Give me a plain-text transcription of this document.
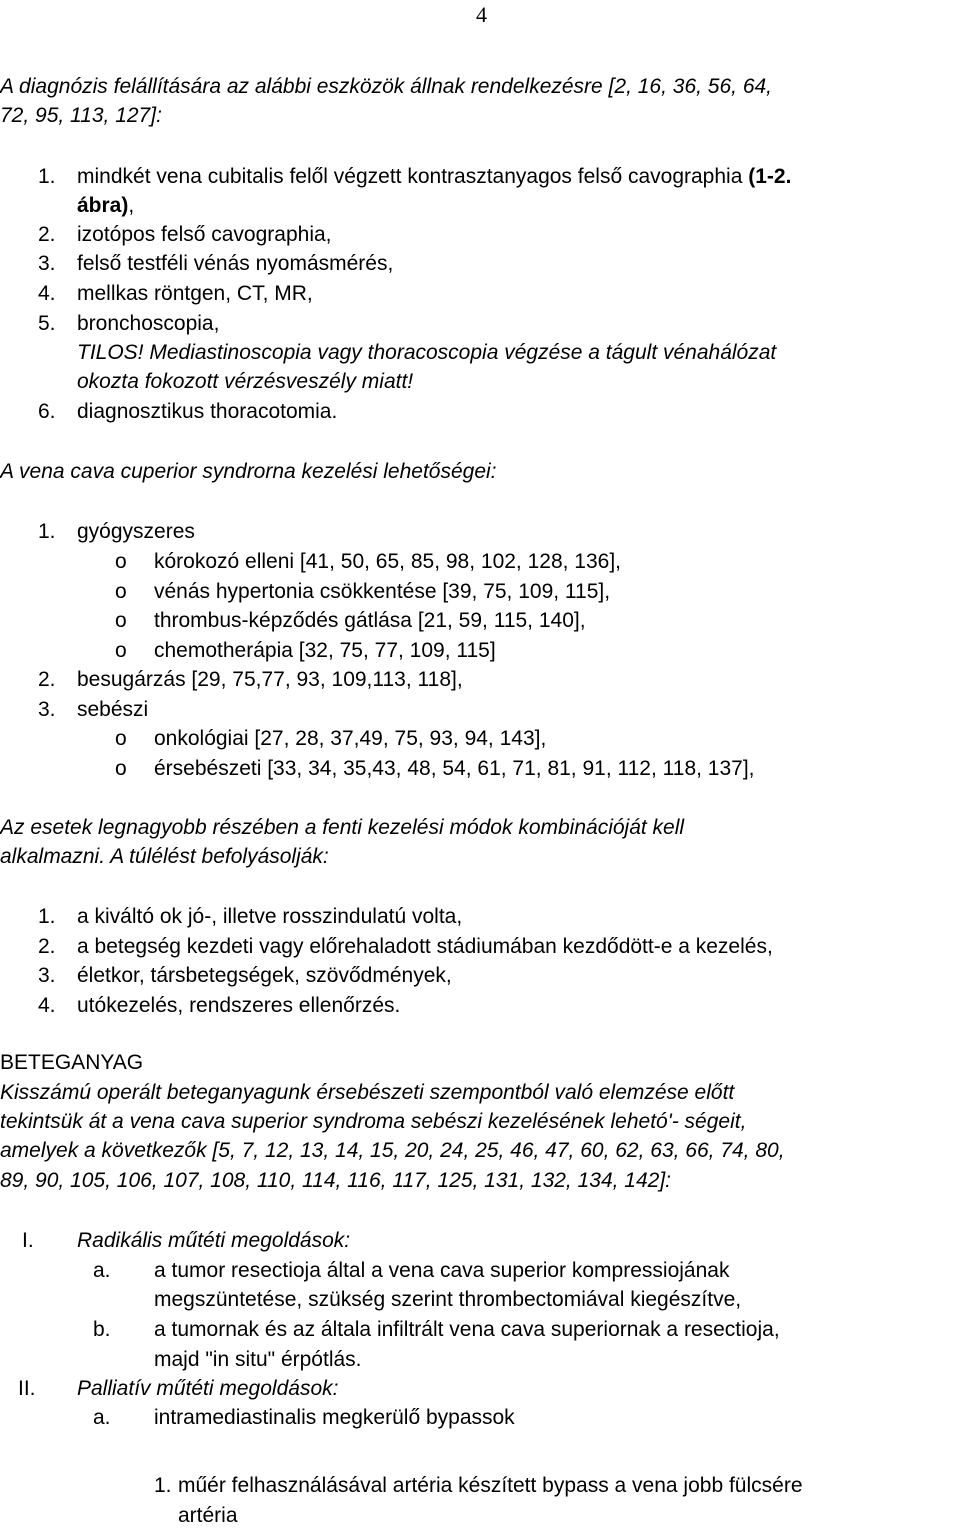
4
A diagnózis felállítására az alábbi eszközök állnak rendelkezésre [2, 16, 36, 56, 64,
72, 95, 113, 127]:
1. mindkét vena cubitalis felől végzett kontrasztanyagos felső cavographia (1-2.
ábra),
2. izotópos felső cavographia,
3. felső testféli vénás nyomásmérés,
4. mellkas röntgen, CT, MR,
5. bronchoscopia,
TILOS! Mediastinoscopia vagy thoracoscopia végzése a tágult vénahálózat
okozta fokozott vérzésveszély miatt!
6. diagnosztikus thoracotomia.
A vena cava cuperior syndrorna kezelési lehetőségei:
1. gyógyszeres
o kórokozó elleni [41, 50, 65, 85, 98, 102, 128, 136],
o vénás hypertonia csökkentése [39, 75, 109, 115],
o thrombus-képződés gátlása [21, 59, 115, 140],
o chemotherápia [32, 75, 77, 109, 115]
2. besugárzás [29, 75,77, 93, 109,113, 118],
3. sebészi
o onkológiai [27, 28, 37,49, 75, 93, 94, 143],
o érsebészeti [33, 34, 35,43, 48, 54, 61, 71, 81, 91, 112, 118, 137],
Az esetek legnagyobb részében a fenti kezelési módok kombinációját kell
alkalmazni. A túlélést befolyásolják:
1. a kiváltó ok jó-, illetve rosszindulatú volta,
2. a betegség kezdeti vagy előrehaladott stádiumában kezdődött-e a kezelés,
3. életkor, társbetegségek, szövődmények,
4. utókezelés, rendszeres ellenőrzés.
BETEGANYAG
Kisszámú operált beteganyagunk érsebészeti szempontból való elemzése előtt
tekintsük át a vena cava superior syndroma sebészi kezelésének lehetó'- ségeit,
amelyek a következők [5, 7, 12, 13, 14, 15, 20, 24, 25, 46, 47, 60, 62, 63, 66, 74, 80,
89, 90, 105, 106, 107, 108, 110, 114, 116, 117, 125, 131, 132, 134, 142]:
I. Radikális műtéti megoldások:
a. a tumor resectioja által a vena cava superior kompressiojának
megszüntetése, szükség szerint thrombectomiával kiegészítve,
b. a tumornak és az általa infiltrált vena cava superiornak a resectioja,
majd "in situ" érpótlás.
II. Palliatív műtéti megoldások:
a. intramediastinalis megkerülő bypassok
1. műér felhasználásával artéria készített bypass a vena jobb fülcsére
artéria
